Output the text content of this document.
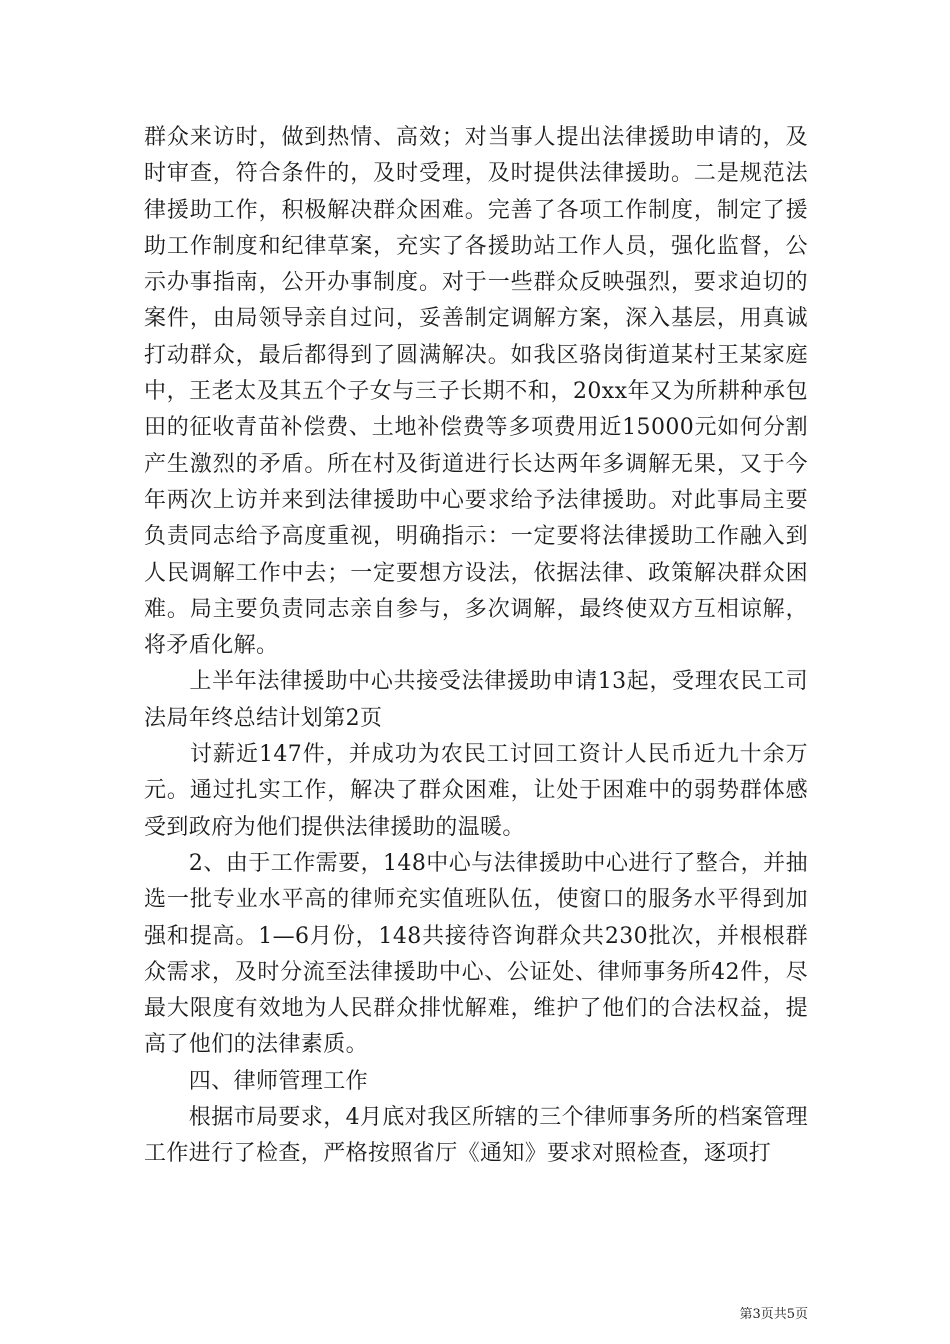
群众来访时，做到热情、高效；对当事人提出法律援助申请的，及时审查，符合条件的，及时受理，及时提供法律援助。二是规范法律援助工作，积极解决群众困难。完善了各项工作制度，制定了援助工作制度和纪律草案，充实了各援助站工作人员，强化监督，公示办事指南，公开办事制度。对于一些群众反映强烈，要求迫切的案件，由局领导亲自过问，妥善制定调解方案，深入基层，用真诚打动群众，最后都得到了圆满解决。如我区骆岗街道某村王某家庭中，王老太及其五个子女与三子长期不和，20xx年又为所耕种承包田的征收青苗补偿费、土地补偿费等多项费用近15000元如何分割产生激烈的矛盾。所在村及街道进行长达两年多调解无果，又于今年两次上访并来到法律援助中心要求给予法律援助。对此事局主要负责同志给予高度重视，明确指示：一定要将法律援助工作融入到人民调解工作中去；一定要想方设法，依据法律、政策解决群众困难。局主要负责同志亲自参与，多次调解，最终使双方互相谅解，将矛盾化解。

　　上半年法律援助中心共接受法律援助申请13起，受理农民工司法局年终总结计划第2页

　　讨薪近147件，并成功为农民工讨回工资计人民币近九十余万元。通过扎实工作，解决了群众困难，让处于困难中的弱势群体感受到政府为他们提供法律援助的温暖。

　　2、由于工作需要，148中心与法律援助中心进行了整合，并抽选一批专业水平高的律师充实值班队伍，使窗口的服务水平得到加强和提高。1—6月份，148共接待咨询群众共230批次，并根根群众需求，及时分流至法律援助中心、公证处、律师事务所42件，尽最大限度有效地为人民群众排忧解难，维护了他们的合法权益，提高了他们的法律素质。

　　四、律师管理工作

　　根据市局要求，4月底对我区所辖的三个律师事务所的档案管理工作进行了检查，严格按照省厅《通知》要求对照检查，逐项打

第3页共5页
